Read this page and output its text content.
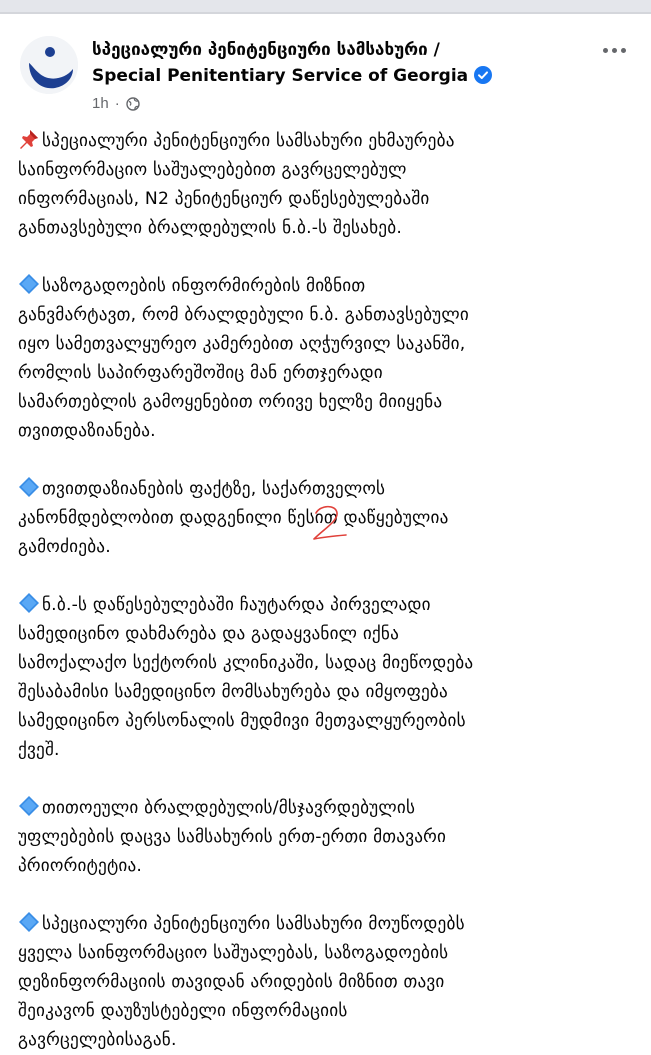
სპეციალური პენიტენციური სამსახური /
Special Penitentiary Service of Georgia
1h ·

სპეციალური პენიტენციური სამსახური ეხმაურება
საინფორმაციო საშუალებებით გავრცელებულ
ინფორმაციას, N2 პენიტენციურ დაწესებულებაში
განთავსებული ბრალდებულის ნ.ბ.-ს შესახებ.

საზოგადოების ინფორმირების მიზნით
განვმარტავთ, რომ ბრალდებული ნ.ბ. განთავსებული
იყო სამეთვალყურეო კამერებით აღჭურვილ საკანში,
რომლის საპირფარეშოშიც მან ერთჯერადი
სამართებლის გამოყენებით ორივე ხელზე მიიყენა
თვითდაზიანება.

თვითდაზიანების ფაქტზე, საქართველოს
კანონმდებლობით დადგენილი წესით დაწყებულია
გამოძიება.

ნ.ბ.-ს დაწესებულებაში ჩაუტარდა პირველადი
სამედიცინო დახმარება და გადაყვანილ იქნა
სამოქალაქო სექტორის კლინიკაში, სადაც მიეწოდება
შესაბამისი სამედიცინო მომსახურება და იმყოფება
სამედიცინო პერსონალის მუდმივი მეთვალყურეობის
ქვეშ.

თითოეული ბრალდებულის/მსჯავრდებულის
უფლებების დაცვა სამსახურის ერთ-ერთი მთავარი
პრიორიტეტია.

სპეციალური პენიტენციური სამსახური მოუწოდებს
ყველა საინფორმაციო საშუალებას, საზოგადოების
დეზინფორმაციის თავიდან არიდების მიზნით თავი
შეიკავონ დაუზუსტებელი ინფორმაციის
გავრცელებისაგან.
